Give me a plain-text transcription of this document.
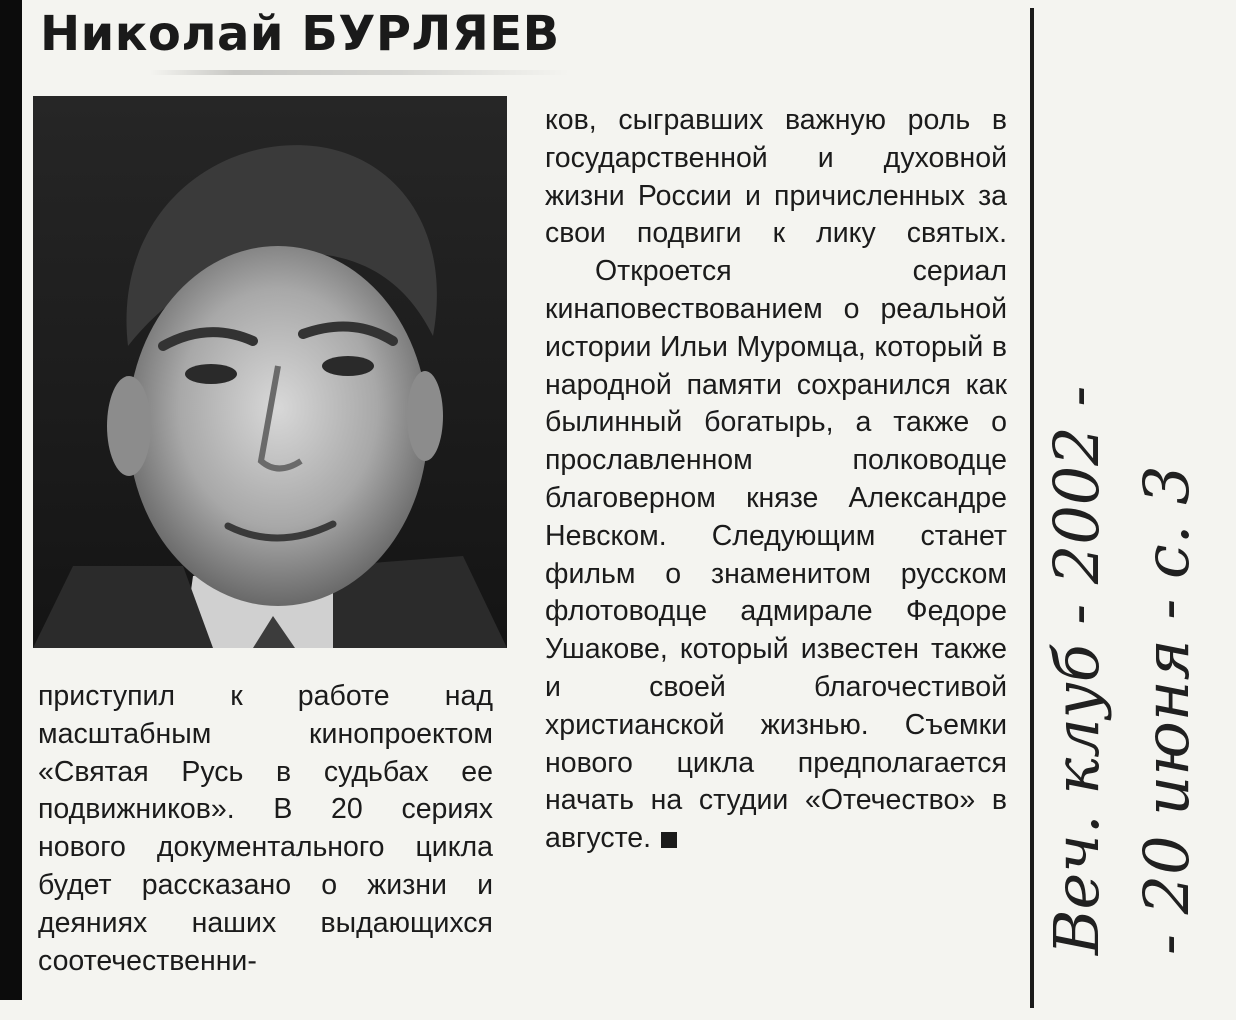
Николай БУРЛЯЕВ
приступил к работе над масштабным кинопроектом «Святая Русь в судьбах ее подвижников». В 20 сериях нового документального цикла будет рассказано о жизни и деяниях наших выдающихся соотечественни-

ков, сыгравших важную роль в государственной и духовной жизни России и причисленных за свои подвиги к лику святых.

Откроется сериал кинаповествованием о реальной истории Ильи Муромца, который в народной памяти сохранился как былинный богатырь, а также о прославленном полководце благоверном князе Александре Невском. Следующим станет фильм о знаменитом русском флотоводце адмирале Федоре Ушакове, который известен также и своей благочестивой христианской жизнью. Съемки нового цикла предполагается начать на студии «Отечество» в августе.	Веч. клуб - 2002 - - 20 июня - с. 3
